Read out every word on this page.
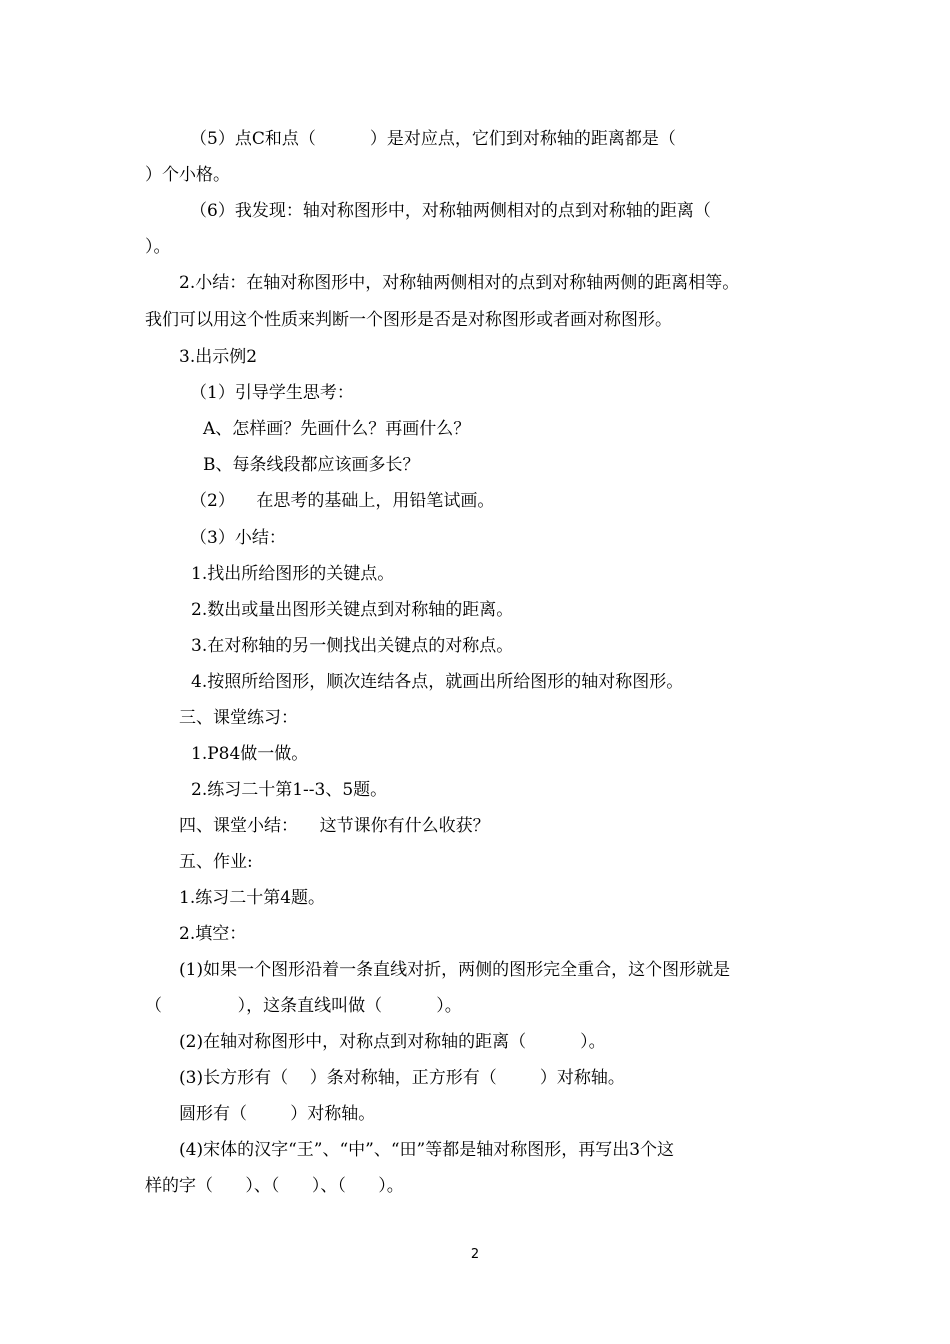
（5）点C和点（          ）是对应点，它们到对称轴的距离都是（
）个小格。
（6）我发现：轴对称图形中，对称轴两侧相对的点到对称轴的距离（
）。
2.小结：在轴对称图形中，对称轴两侧相对的点到对称轴两侧的距离相等。
我们可以用这个性质来判断一个图形是否是对称图形或者画对称图形。
3.出示例2
（1）引导学生思考：
A、怎样画？先画什么？再画什么？
B、每条线段都应该画多长？
（2）    在思考的基础上，用铅笔试画。
（3）小结：
1.找出所给图形的关键点。
2.数出或量出图形关键点到对称轴的距离。
3.在对称轴的另一侧找出关键点的对称点。
4.按照所给图形，顺次连结各点，就画出所给图形的轴对称图形。
三、课堂练习：
1.P84做一做。
2.练习二十第1--3、5题。
四、课堂小结：    这节课你有什么收获？
五、作业:
1.练习二十第4题。
2.填空：
(1)如果一个图形沿着一条直线对折，两侧的图形完全重合，这个图形就是
（              ），这条直线叫做（          ）。
(2)在轴对称图形中，对称点到对称轴的距离（          ）。
(3)长方形有（    ）条对称轴，正方形有（        ）对称轴。
圆形有（        ）对称轴。
(4)宋体的汉字“王”、“中”、“田”等都是轴对称图形，再写出3个这
样的字（      ）、（      ）、（      ）。
2
